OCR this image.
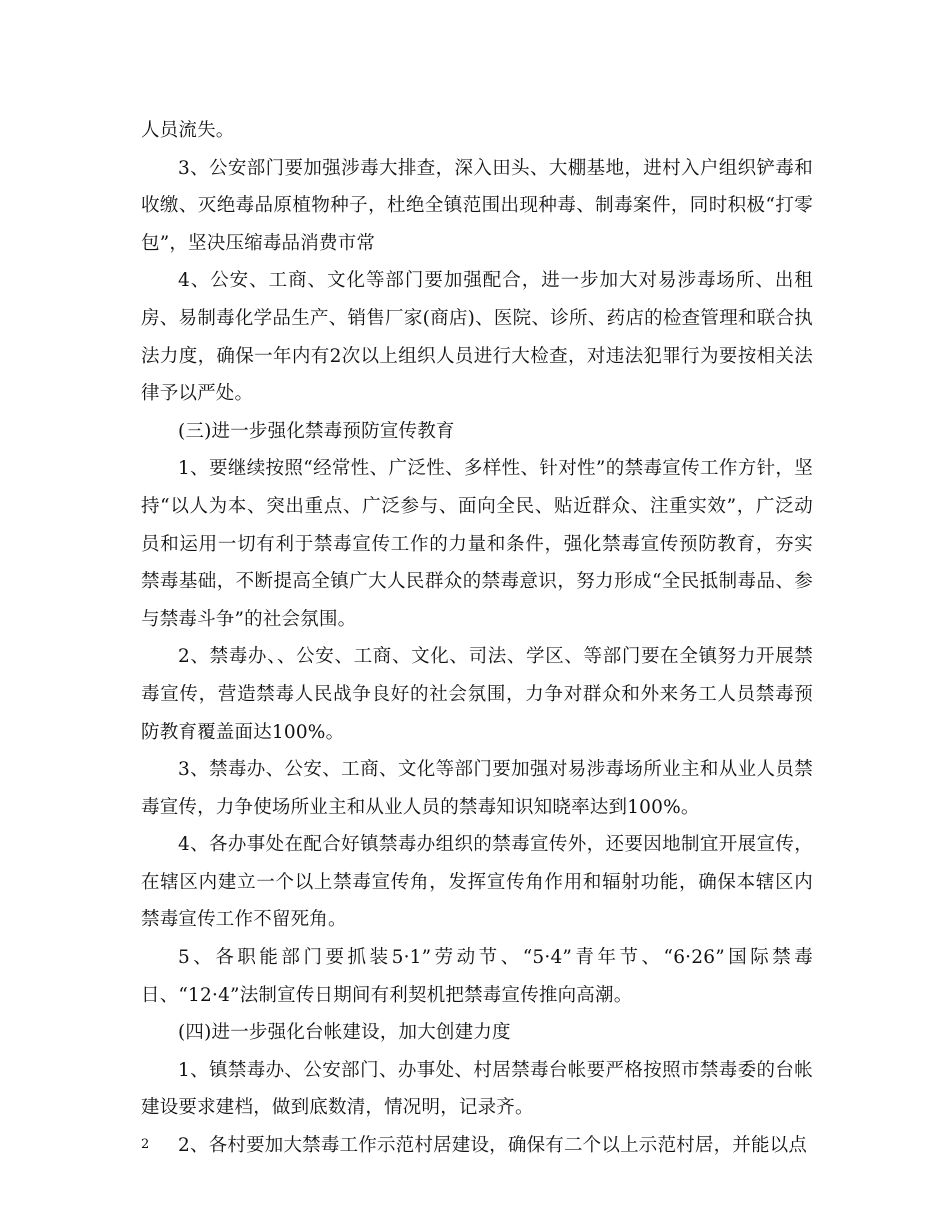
人员流失。

3、公安部门要加强涉毒大排查，深入田头、大棚基地，进村入户组织铲毒和收缴、灭绝毒品原植物种子，杜绝全镇范围出现种毒、制毒案件，同时积极“打零包”，坚决压缩毒品消费市常

4、公安、工商、文化等部门要加强配合，进一步加大对易涉毒场所、出租房、易制毒化学品生产、销售厂家(商店)、医院、诊所、药店的检查管理和联合执法力度，确保一年内有2次以上组织人员进行大检查，对违法犯罪行为要按相关法律予以严处。

(三)进一步强化禁毒预防宣传教育

1、要继续按照“经常性、广泛性、多样性、针对性”的禁毒宣传工作方针，坚持“以人为本、突出重点、广泛参与、面向全民、贴近群众、注重实效”，广泛动员和运用一切有利于禁毒宣传工作的力量和条件，强化禁毒宣传预防教育，夯实禁毒基础，不断提高全镇广大人民群众的禁毒意识，努力形成“全民抵制毒品、参与禁毒斗争”的社会氛围。

2、禁毒办、、公安、工商、文化、司法、学区、等部门要在全镇努力开展禁毒宣传，营造禁毒人民战争良好的社会氛围，力争对群众和外来务工人员禁毒预防教育覆盖面达100%。

3、禁毒办、公安、工商、文化等部门要加强对易涉毒场所业主和从业人员禁毒宣传，力争使场所业主和从业人员的禁毒知识知晓率达到100%。

4、各办事处在配合好镇禁毒办组织的禁毒宣传外，还要因地制宜开展宣传，在辖区内建立一个以上禁毒宣传角，发挥宣传角作用和辐射功能，确保本辖区内禁毒宣传工作不留死角。

5、各职能部门要抓装5·1”劳动节、“5·4”青年节、“6·26”国际禁毒日、“12·4”法制宣传日期间有利契机把禁毒宣传推向高潮。

(四)进一步强化台帐建设，加大创建力度

1、镇禁毒办、公安部门、办事处、村居禁毒台帐要严格按照市禁毒委的台帐建设要求建档，做到底数清，情况明，记录齐。

2、各村要加大禁毒工作示范村居建设，确保有二个以上示范村居，并能以点

2
